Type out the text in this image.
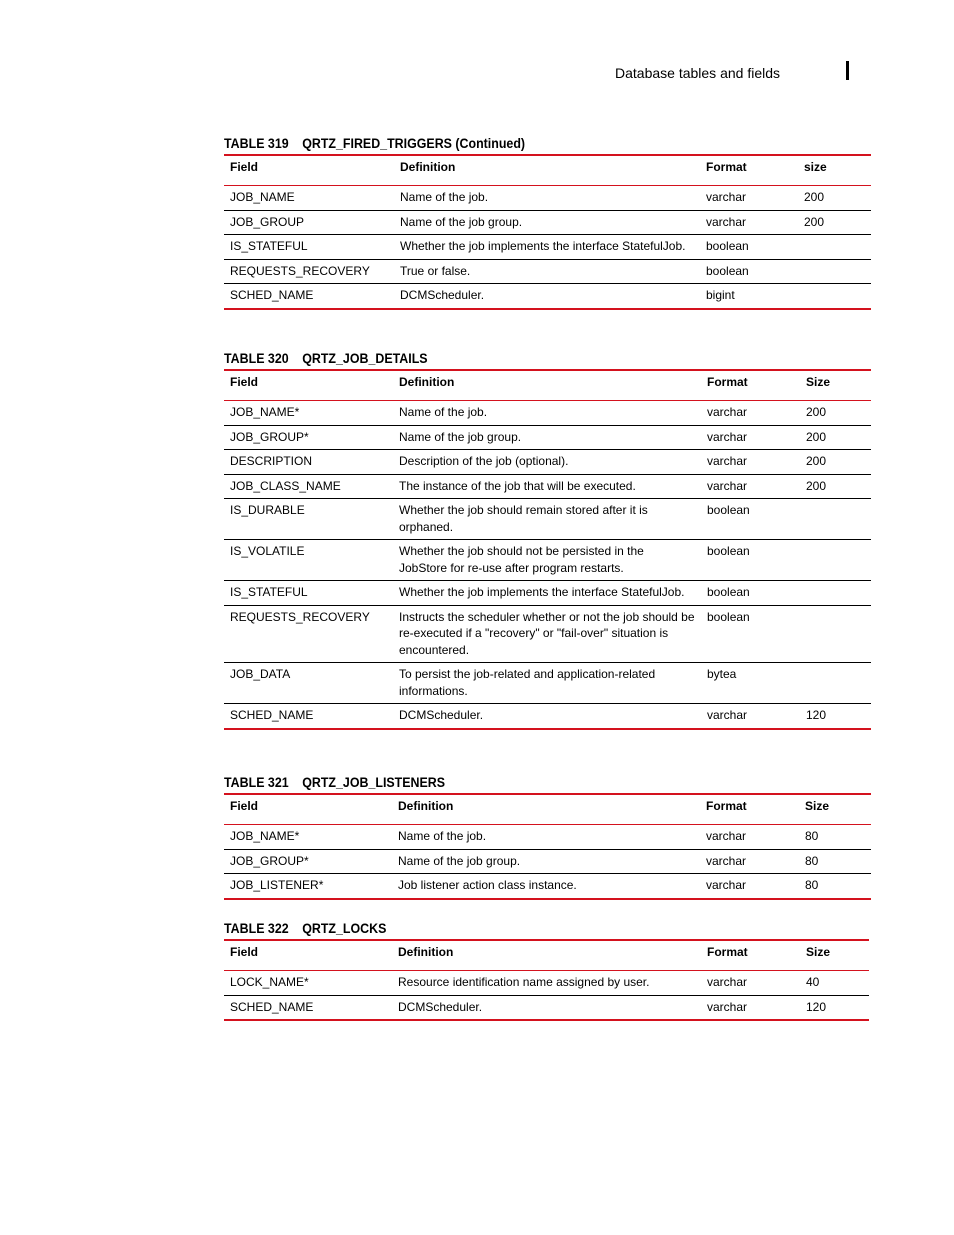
Database tables and fields
TABLE 319 QRTZ_FIRED_TRIGGERS (Continued)
Field	Definition	Format	size
JOB_NAME	Name of the job.	varchar	200
JOB_GROUP	Name of the job group.	varchar	200
IS_STATEFUL	Whether the job implements the interface StatefulJob.	boolean	
REQUESTS_RECOVERY	True or false.	boolean	
SCHED_NAME	DCMScheduler.	bigint	
TABLE 320 QRTZ_JOB_DETAILS
Field	Definition	Format	Size
JOB_NAME*	Name of the job.	varchar	200
JOB_GROUP*	Name of the job group.	varchar	200
DESCRIPTION	Description of the job (optional).	varchar	200
JOB_CLASS_NAME	The instance of the job that will be executed.	varchar	200
IS_DURABLE	Whether the job should remain stored after it is orphaned.	boolean	
IS_VOLATILE	Whether the job should not be persisted in the JobStore for re-use after program restarts.	boolean	
IS_STATEFUL	Whether the job implements the interface StatefulJob.	boolean	
REQUESTS_RECOVERY	Instructs the scheduler whether or not the job should be re-executed if a "recovery" or "fail-over" situation is encountered.	boolean	
JOB_DATA	To persist the job-related and application-related informations.	bytea	
SCHED_NAME	DCMScheduler.	varchar	120
TABLE 321 QRTZ_JOB_LISTENERS
Field	Definition	Format	Size
JOB_NAME*	Name of the job.	varchar	80
JOB_GROUP*	Name of the job group.	varchar	80
JOB_LISTENER*	Job listener action class instance.	varchar	80
TABLE 322 QRTZ_LOCKS
Field	Definition	Format	Size
LOCK_NAME*	Resource identification name assigned by user.	varchar	40
SCHED_NAME	DCMScheduler.	varchar	120
